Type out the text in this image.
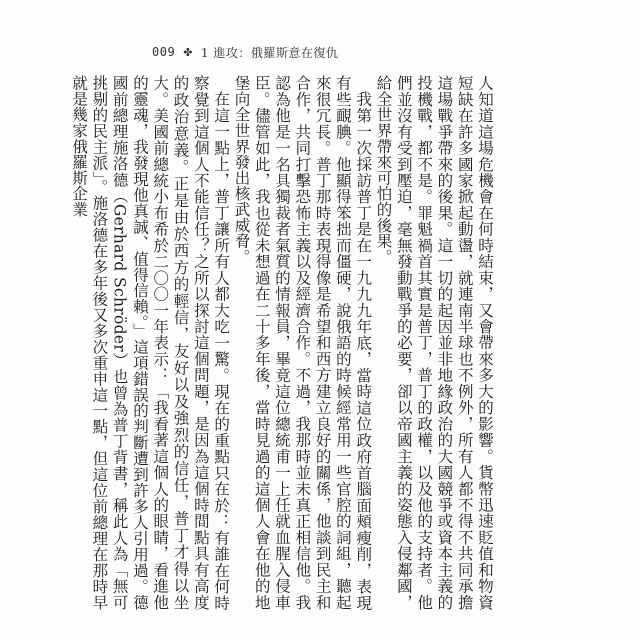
009 ✤ 1 進攻：俄羅斯意在復仇

人知道這場危機會在何時結束，又會帶來多大的影響。貨幣迅速貶值和物資短缺在許多國家掀起動盪，就連南半球也不例外，所有人都不得不共同承擔這場戰爭帶來的後果。這一切的起因並非地緣政治的大國競爭或資本主義的投機戰，都不是。罪魁禍首其實是普丁，普丁的政權，以及他的支持者。他們並沒有受到壓迫，毫無發動戰爭的必要，卻以帝國主義的姿態入侵鄰國，給全世界帶來可怕的後果。

我第一次採訪普丁是在一九九九年底，當時這位政府首腦面頰瘦削，表現有些靦腆。他顯得笨拙而僵硬，說俄語的時候經常用一些官腔的詞組，聽起來很冗長。普丁那時表現得像是希望和西方建立良好的關係，他談到民主和合作，共同打擊恐怖主義以及經濟合作。不過，我那時並未真正相信他。我認為他是一名具獨裁者氣質的情報員，畢竟這位總統甫一上任就血腥入侵車臣。儘管如此，我也從未想過在二十多年後，當時見過的這個人會在他的地堡向全世界發出核武威脅。

在這一點上，普丁讓所有人都大吃一驚。現在的重點只在於：有誰在何時察覺到這個人不能信任？之所以探討這個問題，是因為這個時間點具有高度的政治意義。正是由於西方的輕信，友好以及強烈的信任，普丁才得以坐大。美國前總統小布希於二〇〇一年表示：「我看著這個人的眼睛，看進他的靈魂，我發現他真誠、值得信賴。」這項錯誤的判斷遭到許多人引用過。德國前總理施洛德（Gerhard Schröder）也曾為普丁背書，稱此人為「無可挑剔的民主派」。施洛德在多年後又多次重申這一點，但這位前總理在那時早就是幾家俄羅斯企業
